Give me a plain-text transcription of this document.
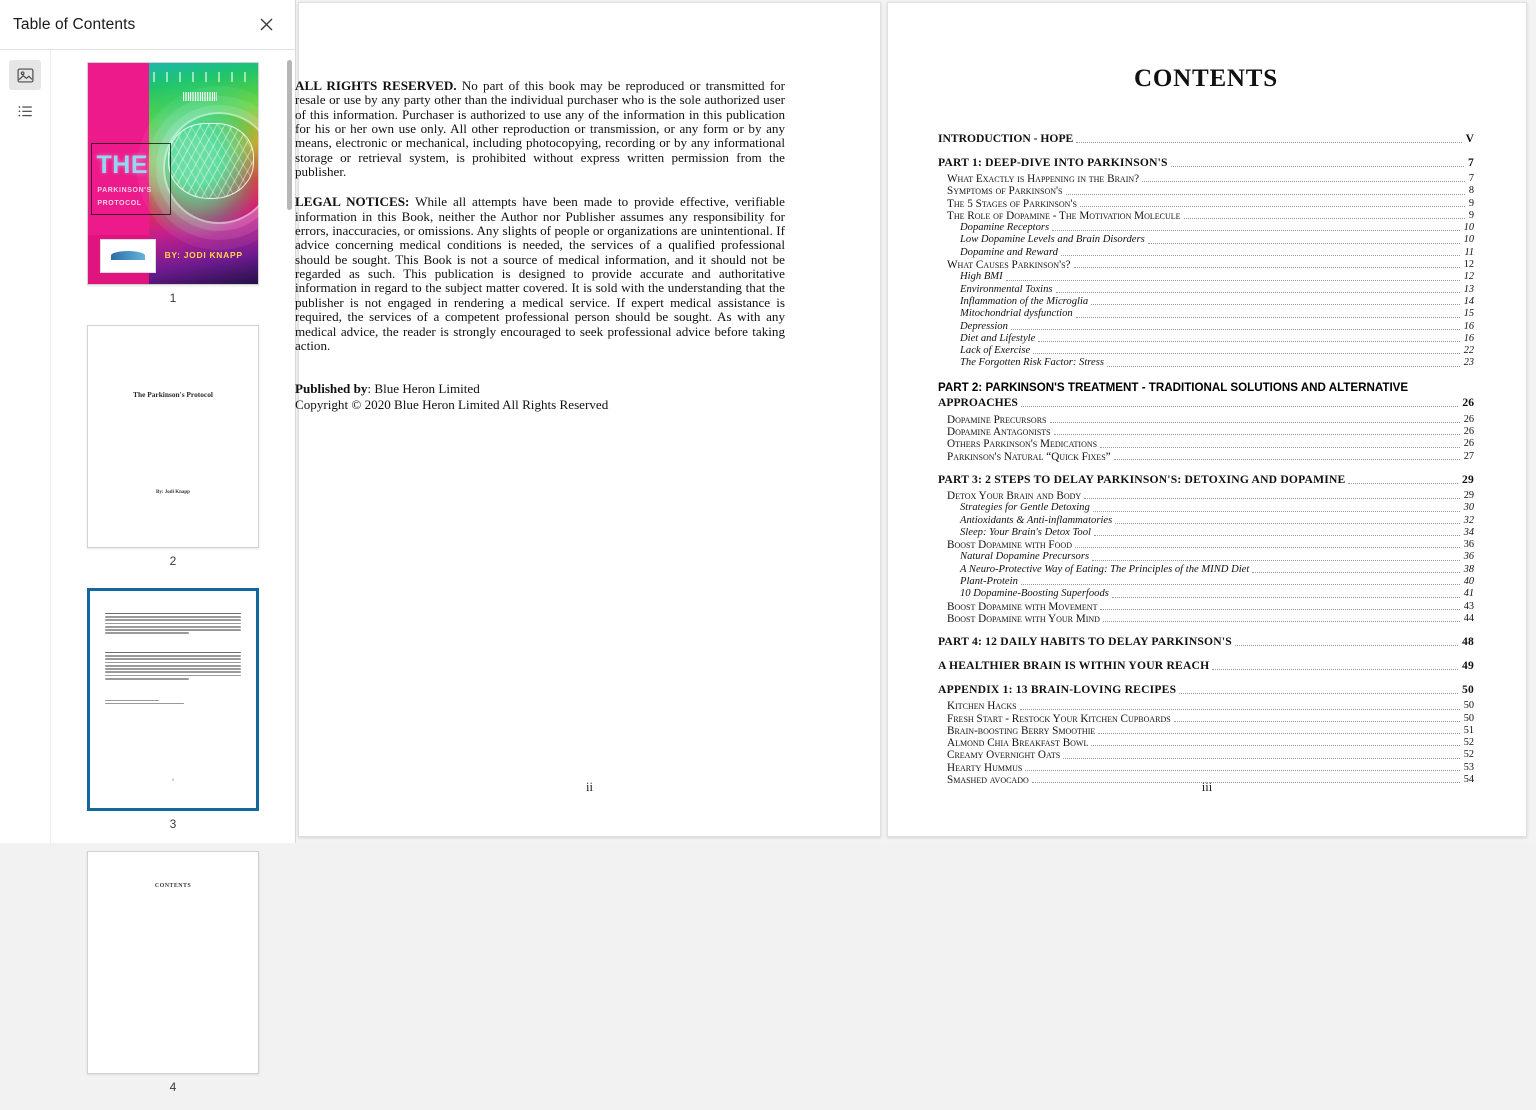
Table of Contents
THE
PARKINSON'S
PROTOCOL
BY: JODI KNAPP
1
The Parkinson's Protocol
By: Jodi Knapp
2
ii
3
CONTENTS
4

ALL RIGHTS RESERVED. No part of this book may be reproduced or transmitted for resale or use by any party other than the individual purchaser who is the sole authorized user of this information. Purchaser is authorized to use any of the information in this publication for his or her own use only. All other reproduction or transmission, or any form or by any means, electronic or mechanical, including photocopying, recording or by any informational storage or retrieval system, is prohibited without express written permission from the publisher.

LEGAL NOTICES: While all attempts have been made to provide effective, verifiable information in this Book, neither the Author nor Publisher assumes any responsibility for errors, inaccuracies, or omissions. Any slights of people or organizations are unintentional. If advice concerning medical conditions is needed, the services of a qualified professional should be sought. This Book is not a source of medical information, and it should not be regarded as such. This publication is designed to provide accurate and authoritative information in regard to the subject matter covered. It is sold with the understanding that the publisher is not engaged in rendering a medical service. If expert medical assistance is required, the services of a competent professional person should be sought. As with any medical advice, the reader is strongly encouraged to seek professional advice before taking action.

Published by: Blue Heron Limited
Copyright © 2020 Blue Heron Limited All Rights Reserved
ii
CONTENTS
INTRODUCTION - HOPE	V
PART 1: DEEP-DIVE INTO PARKINSON'S	7
What Exactly is Happening in the Brain?	7
Symptoms of Parkinson's	8
The 5 Stages of Parkinson's	9
The Role of Dopamine - The Motivation Molecule	9
Dopamine Receptors	10
Low Dopamine Levels and Brain Disorders	10
Dopamine and Reward	11
What Causes Parkinson's?	12
High BMI	12
Environmental Toxins	13
Inflammation of the Microglia	14
Mitochondrial dysfunction	15
Depression	16
Diet and Lifestyle	16
Lack of Exercise	22
The Forgotten Risk Factor: Stress	23
PART 2: PARKINSON'S TREATMENT - TRADITIONAL SOLUTIONS AND ALTERNATIVE
APPROACHES	26
Dopamine Precursors	26
Dopamine Antagonists	26
Others Parkinson's Medications	26
Parkinson's Natural “Quick Fixes”	27
PART 3: 2 STEPS TO DELAY PARKINSON'S: DETOXING AND DOPAMINE	29
Detox Your Brain and Body	29
Strategies for Gentle Detoxing	30
Antioxidants & Anti-inflammatories	32
Sleep: Your Brain's Detox Tool	34
Boost Dopamine with Food	36
Natural Dopamine Precursors	36
A Neuro-Protective Way of Eating: The Principles of the MIND Diet	38
Plant-Protein	40
10 Dopamine-Boosting Superfoods	41
Boost Dopamine with Movement	43
Boost Dopamine with Your Mind	44
PART 4: 12 DAILY HABITS TO DELAY PARKINSON'S	48
A HEALTHIER BRAIN IS WITHIN YOUR REACH	49
APPENDIX 1: 13 BRAIN-LOVING RECIPES	50
Kitchen Hacks	50
Fresh Start - Restock Your Kitchen Cupboards	50
Brain-boosting Berry Smoothie	51
Almond Chia Breakfast Bowl	52
Creamy Overnight Oats	52
Hearty Hummus	53
Smashed avocado	54
iii
